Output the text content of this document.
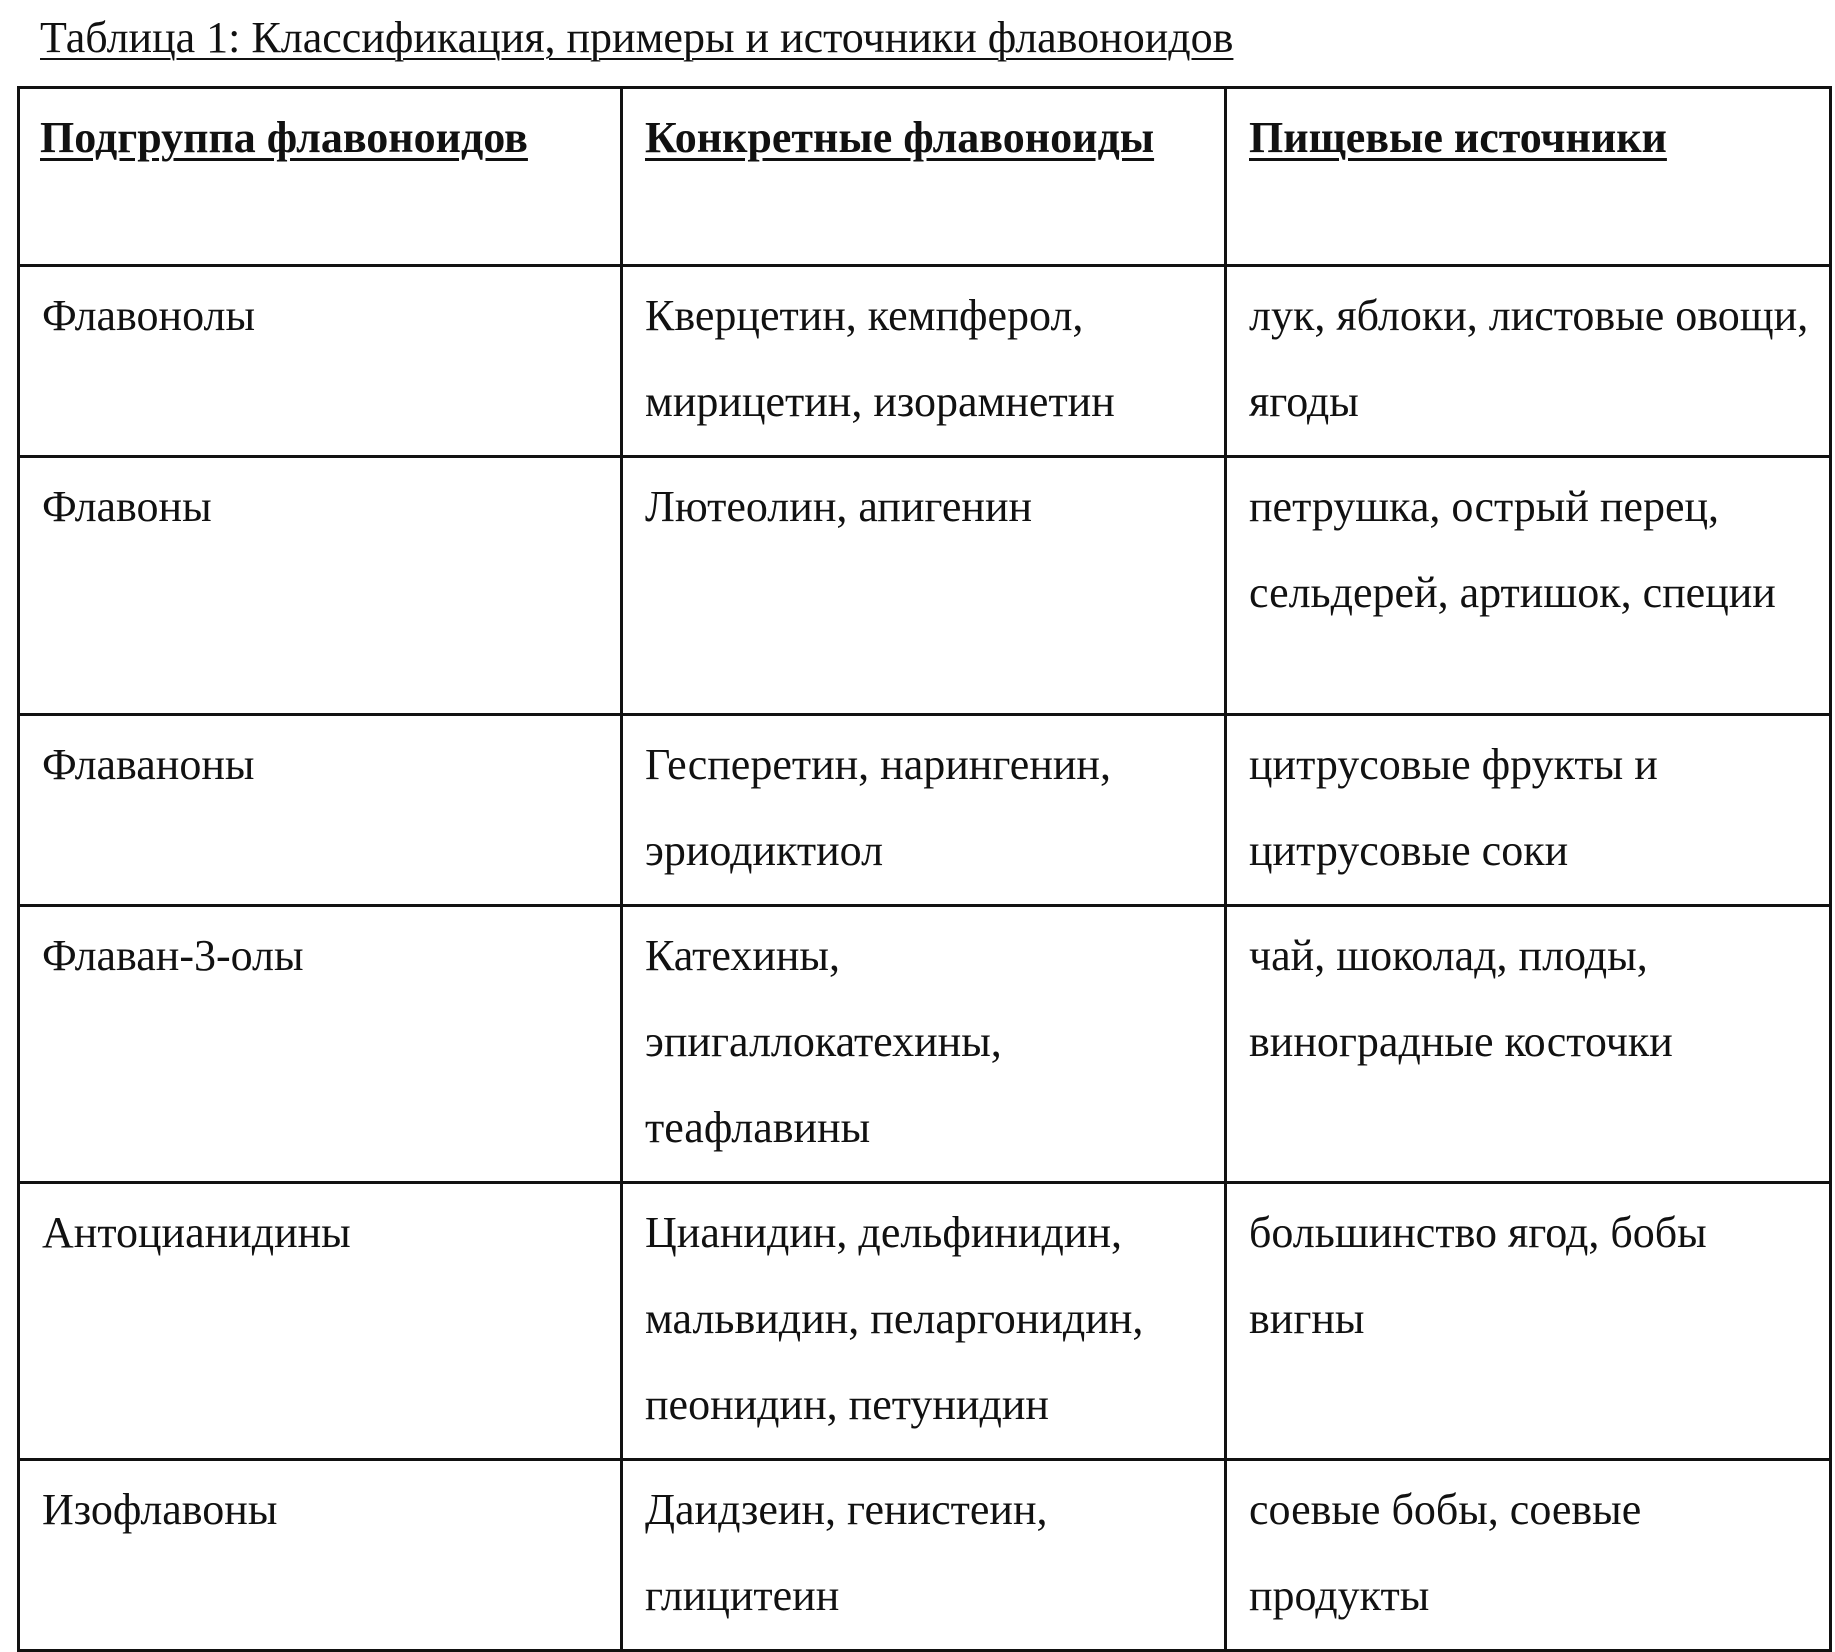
Таблица 1: Классификация, примеры и источники флавоноидов
Подгруппа флавоноидов	Конкретные флавоноиды	Пищевые источники
Флавонолы	Кверцетин, кемпферол, мирицетин, изорамнетин	лук, яблоки, листовые овощи, ягоды
Флавоны	Лютеолин, апигенин	петрушка, острый перец, сельдерей, артишок, специи
Флаваноны	Гесперетин, нарингенин, эриодиктиол	цитрусовые фрукты и цитрусовые соки
Флаван-3-олы	Катехины, эпигаллокатехины, теафлавины	чай, шоколад, плоды, виноградные косточки
Антоцианидины	Цианидин, дельфинидин, мальвидин, пеларгонидин, пеонидин, петунидин	большинство ягод, бобы вигны
Изофлавоны	Даидзеин, генистеин, глицитеин	соевые бобы, соевые продукты
